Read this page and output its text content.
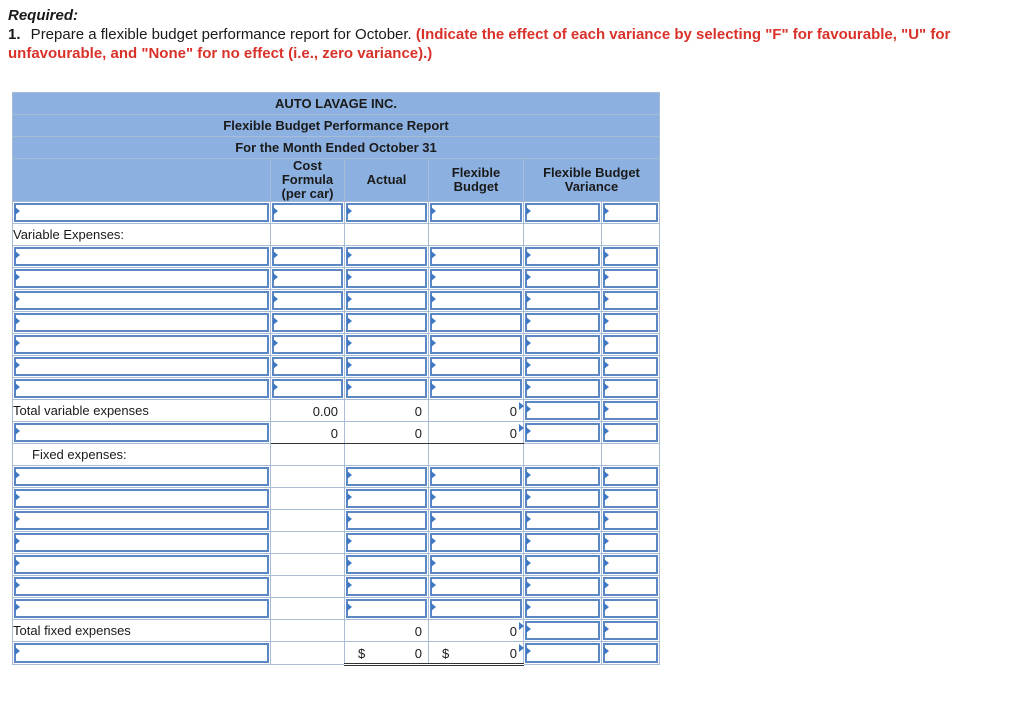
Required:
1. Prepare a flexible budget performance report for October. (Indicate the effect of each variance by selecting "F" for favourable, "U" for unfavourable, and "None" for no effect (i.e., zero variance).)
AUTO LAVAGE INC.					
Flexible Budget Performance Report					
For the Month Ended October 31					
	Cost Formula (per car)	Actual	Flexible Budget	Flexible Budget Variance	

Variable Expenses:					

Total variable expenses	0.00	0	0		

	0	0	0		

Fixed expenses:					

Total fixed expenses		0	0		

		$ 0	$ 0		
